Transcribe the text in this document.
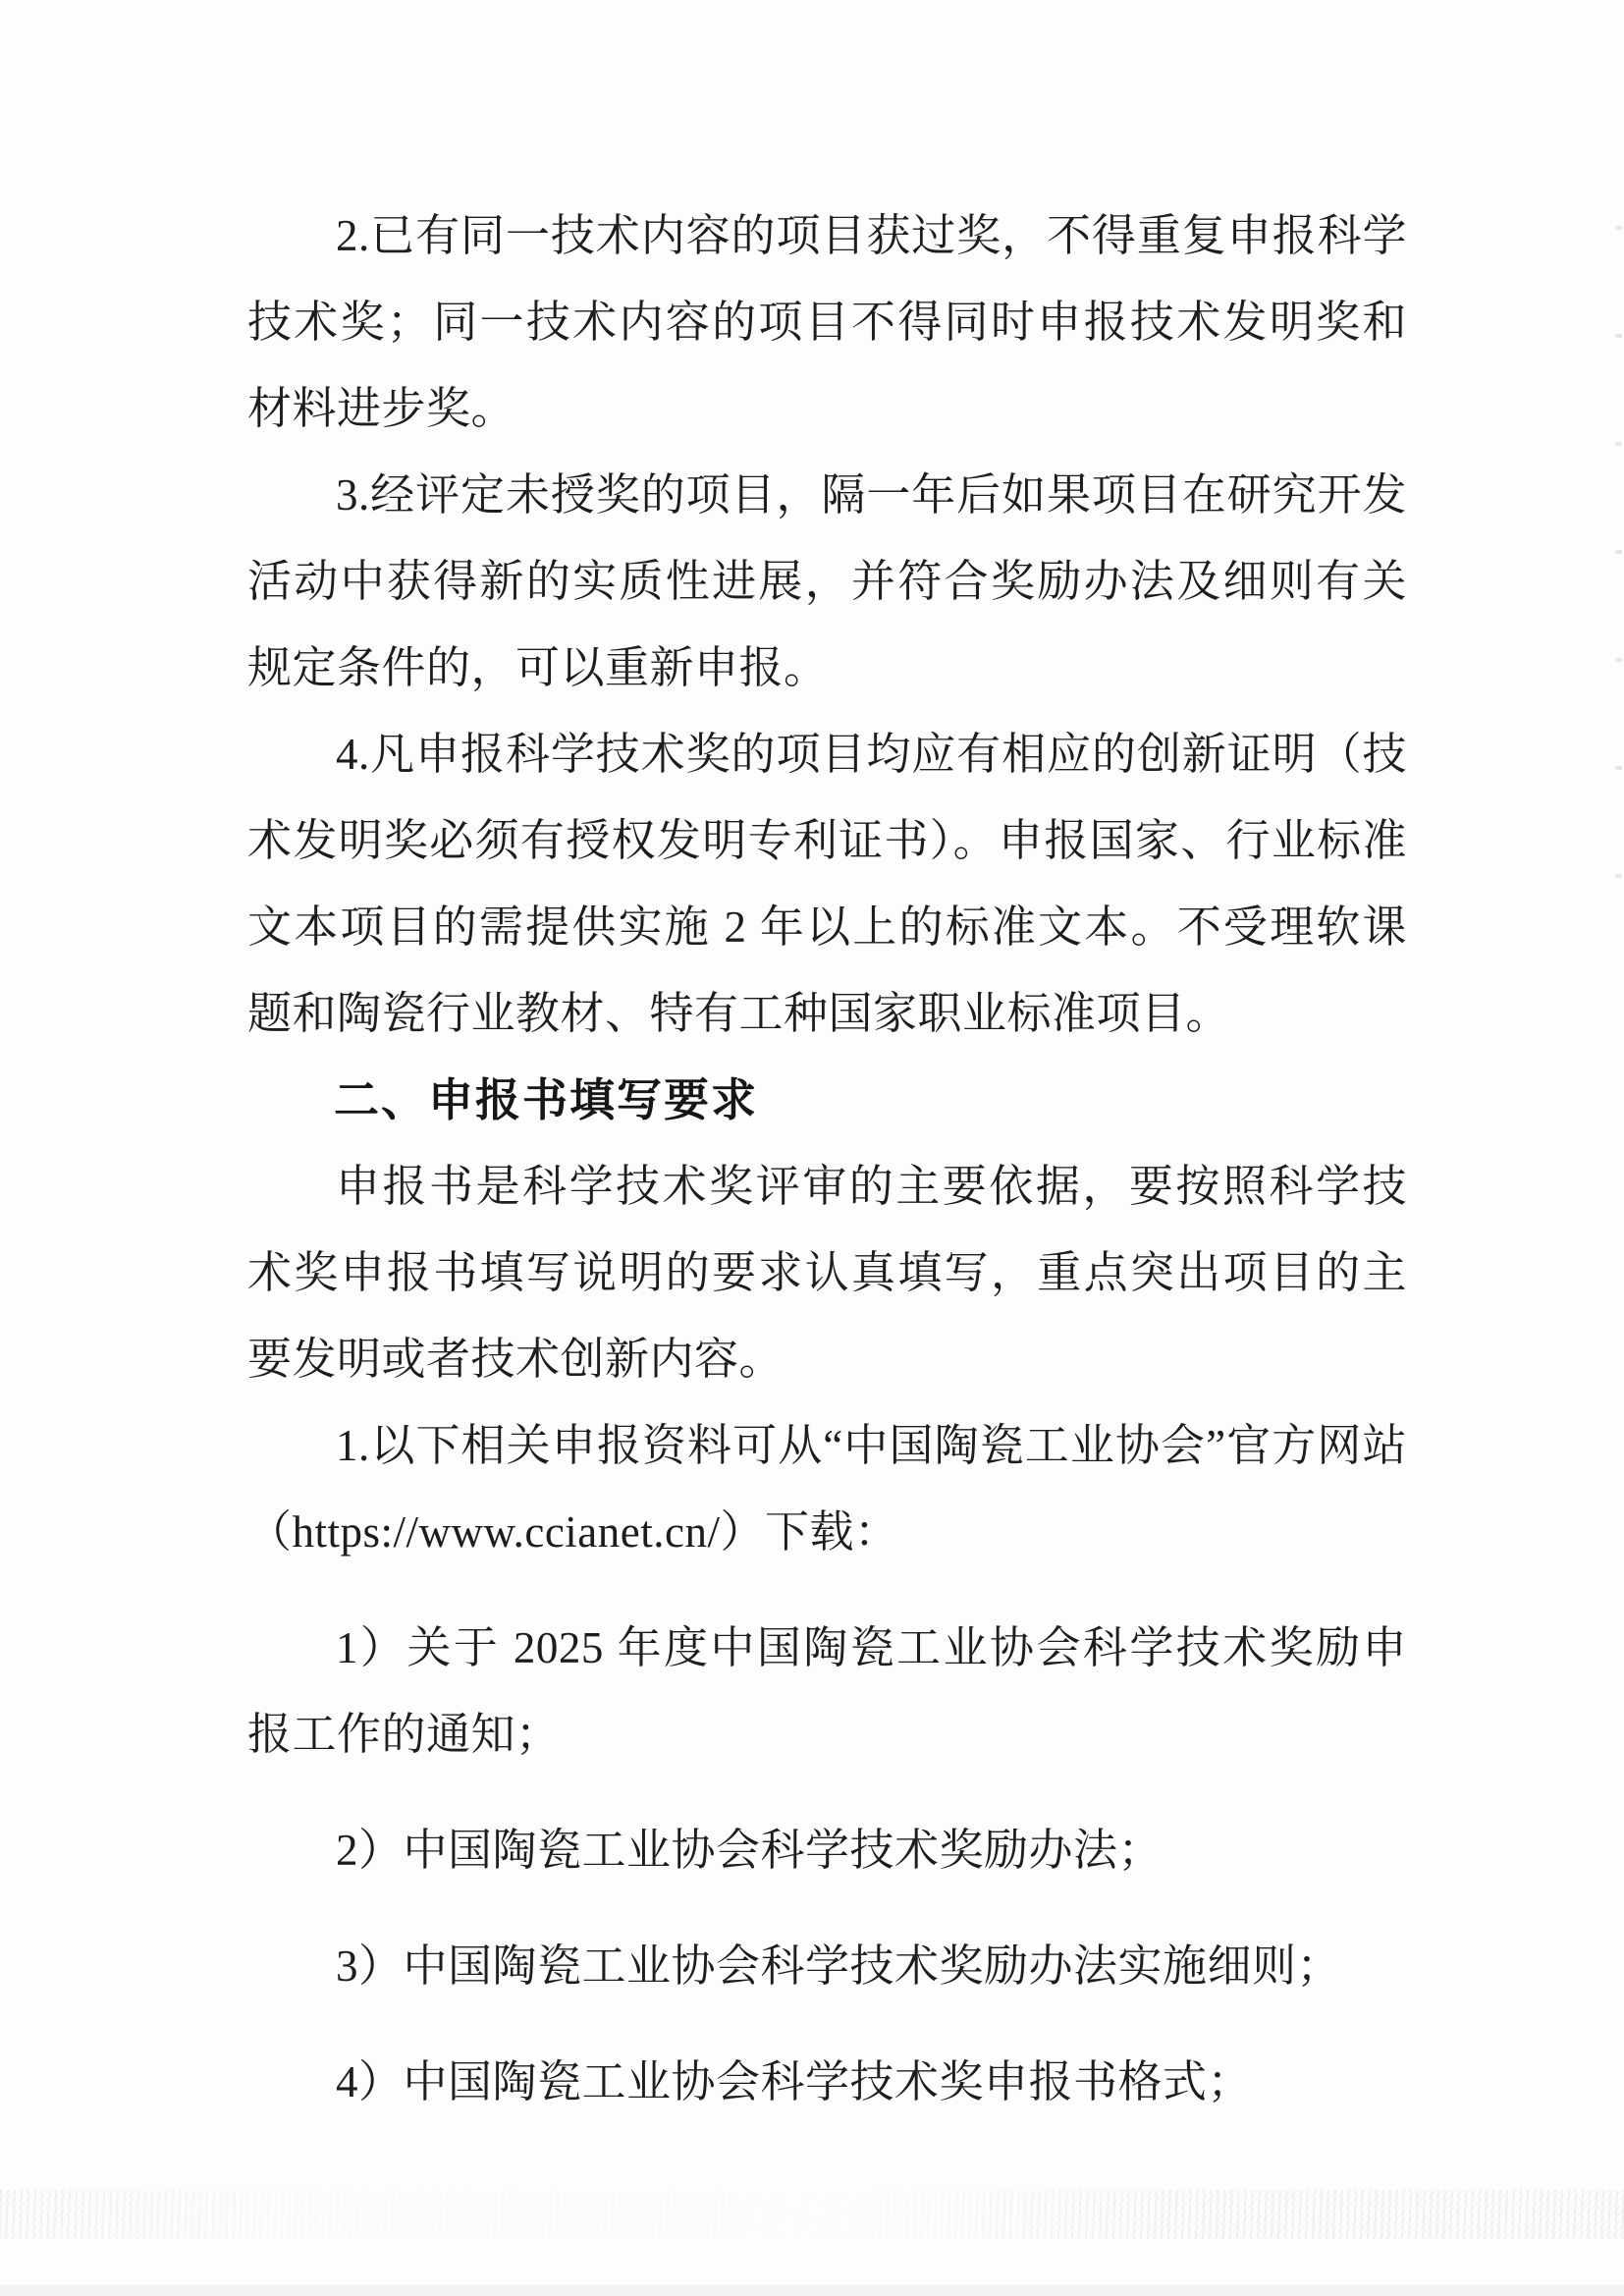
2.已有同一技术内容的项目获过奖，不得重复申报科学技术奖；同一技术内容的项目不得同时申报技术发明奖和材料进步奖。

3.经评定未授奖的项目，隔一年后如果项目在研究开发活动中获得新的实质性进展，并符合奖励办法及细则有关规定条件的，可以重新申报。

4.凡申报科学技术奖的项目均应有相应的创新证明（技术发明奖必须有授权发明专利证书）。申报国家、行业标准文本项目的需提供实施 2 年以上的标准文本。不受理软课题和陶瓷行业教材、特有工种国家职业标准项目。

二、申报书填写要求

申报书是科学技术奖评审的主要依据，要按照科学技术奖申报书填写说明的要求认真填写，重点突出项目的主要发明或者技术创新内容。

1.以下相关申报资料可从“中国陶瓷工业协会”官方网站（https://www.ccianet.cn/）下载：

1）关于 2025 年度中国陶瓷工业协会科学技术奖励申报工作的通知；

2）中国陶瓷工业协会科学技术奖励办法；

3）中国陶瓷工业协会科学技术奖励办法实施细则；

4）中国陶瓷工业协会科学技术奖申报书格式；
